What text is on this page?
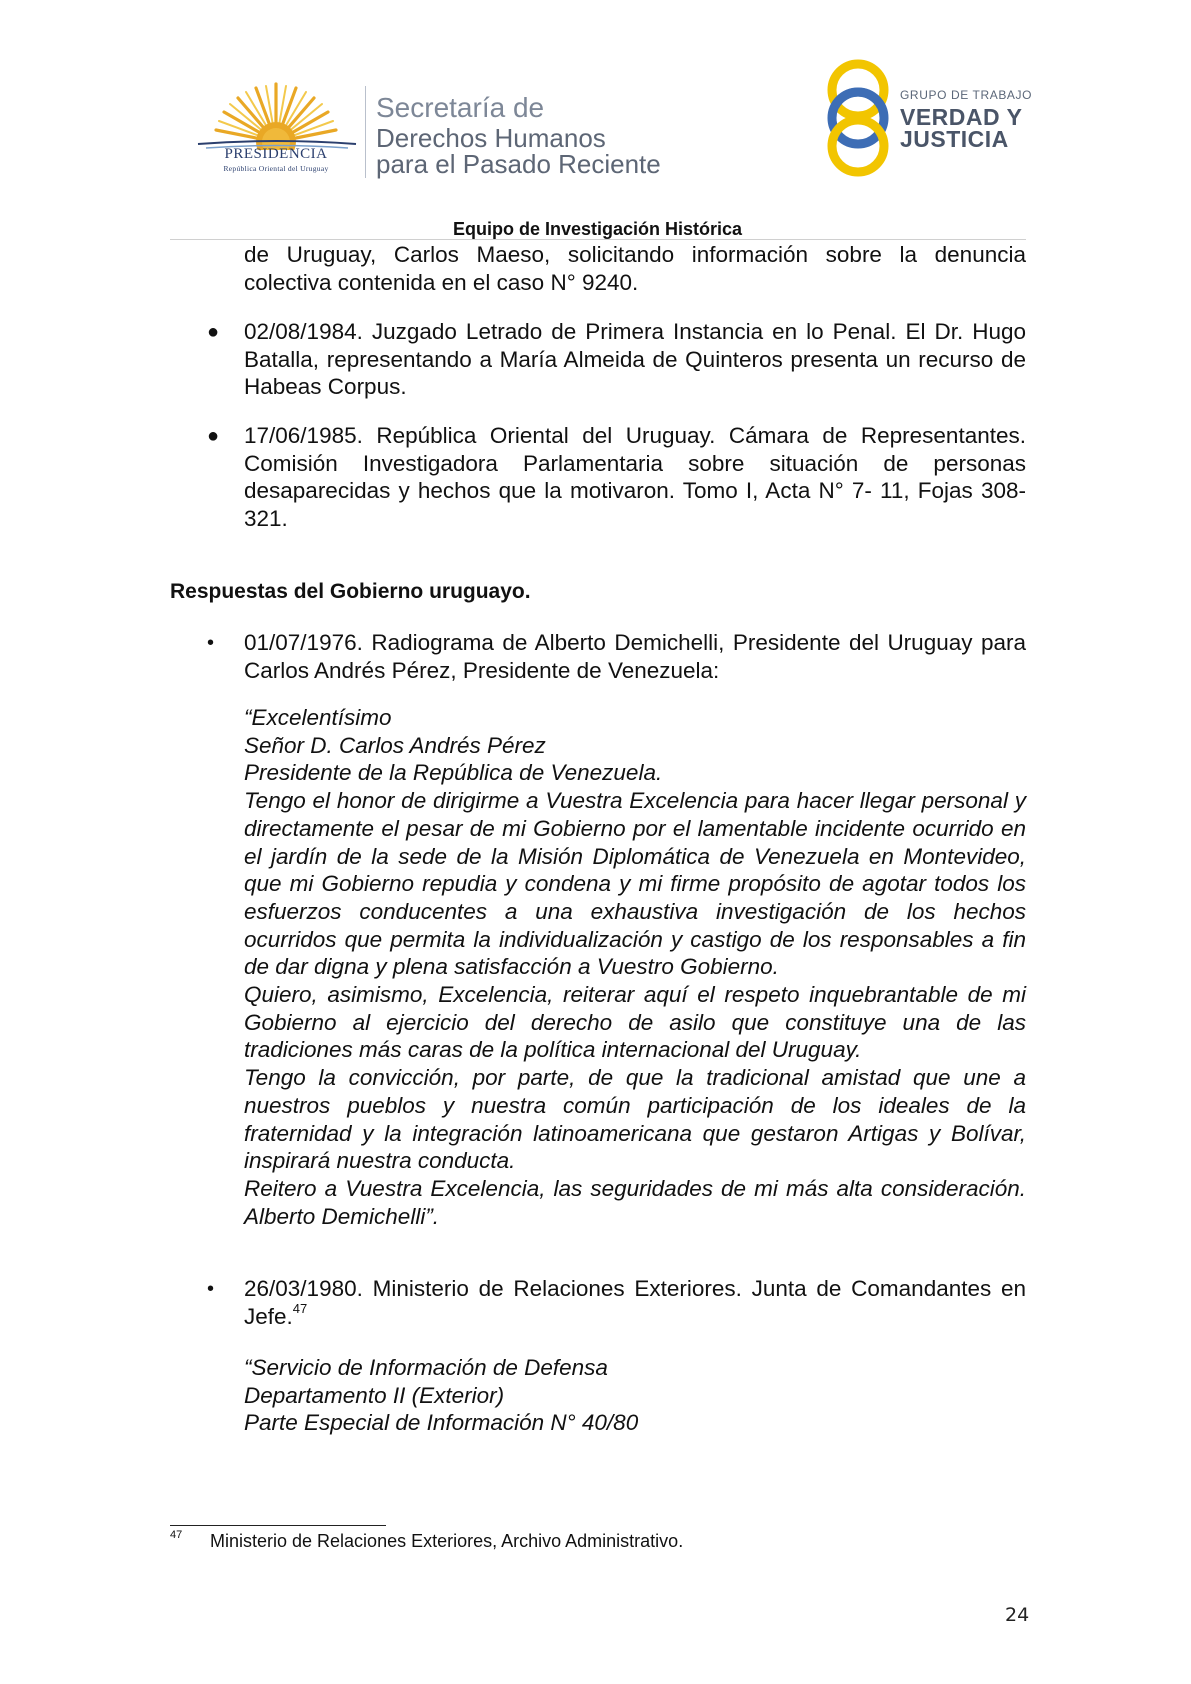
PRESIDENCIA
República Oriental del Uruguay
Secretaría de
Derechos Humanos
para el Pasado Reciente
GRUPO DE TRABAJO
VERDAD Y
JUSTICIA
Equipo de Investigación Histórica
de Uruguay, Carlos Maeso, solicitando información sobre la denuncia colectiva contenida en el caso N° 9240.
● 02/08/1984. Juzgado Letrado de Primera Instancia en lo Penal. El Dr. Hugo Batalla, representando a María Almeida de Quinteros presenta un recurso de Habeas Corpus.
● 17/06/1985. República Oriental del Uruguay. Cámara de Representantes. Comisión Investigadora Parlamentaria sobre situación de personas desaparecidas y hechos que la motivaron. Tomo I, Acta N° 7- 11, Fojas 308-321.
Respuestas del Gobierno uruguayo.
• 01/07/1976. Radiograma de Alberto Demichelli, Presidente del Uruguay para Carlos Andrés Pérez, Presidente de Venezuela:
“Excelentísimo
Señor D. Carlos Andrés Pérez
Presidente de la República de Venezuela.
Tengo el honor de dirigirme a Vuestra Excelencia para hacer llegar personal y directamente el pesar de mi Gobierno por el lamentable incidente ocurrido en el jardín de la sede de la Misión Diplomática de Venezuela en Montevideo, que mi Gobierno repudia y condena y mi firme propósito de agotar todos los esfuerzos conducentes a una exhaustiva investigación de los hechos ocurridos que permita la individualización y castigo de los responsables a fin de dar digna y plena satisfacción a Vuestro Gobierno.
Quiero, asimismo, Excelencia, reiterar aquí el respeto inquebrantable de mi Gobierno al ejercicio del derecho de asilo que constituye una de las tradiciones más caras de la política internacional del Uruguay.
Tengo la convicción, por parte, de que la tradicional amistad que une a nuestros pueblos y nuestra común participación de los ideales de la fraternidad y la integración latinoamericana que gestaron Artigas y Bolívar, inspirará nuestra conducta.
Reitero a Vuestra Excelencia, las seguridades de mi más alta consideración. Alberto Demichelli”.
• 26/03/1980. Ministerio de Relaciones Exteriores. Junta de Comandantes en Jefe.$^{47}$
“Servicio de Información de Defensa
Departamento II (Exterior)
Parte Especial de Información N° 40/80
47 Ministerio de Relaciones Exteriores, Archivo Administrativo.
24
